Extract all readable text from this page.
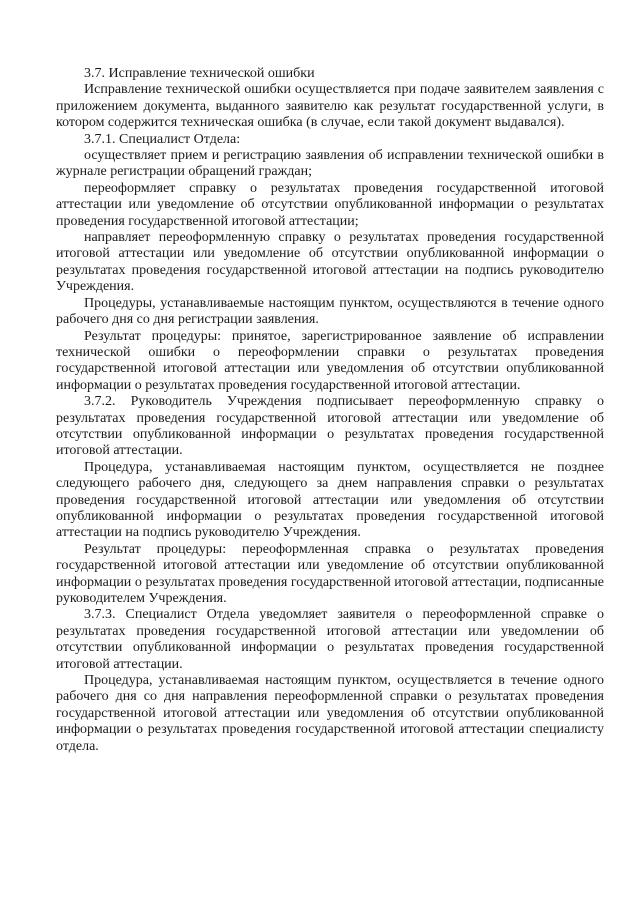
3.7. Исправление технической ошибки

Исправление технической ошибки осуществляется при подаче заявителем заявления с приложением документа, выданного заявителю как результат государственной услуги, в котором содержится техническая ошибка (в случае, если такой документ выдавался).

3.7.1. Специалист Отдела:

осуществляет прием и регистрацию заявления об исправлении технической ошибки в журнале регистрации обращений граждан;

переоформляет справку о результатах проведения государственной итоговой аттестации или уведомление об отсутствии опубликованной информации о результатах проведения государственной итоговой аттестации;

направляет переоформленную справку о результатах проведения государственной итоговой аттестации или уведомление об отсутствии опубликованной информации о результатах проведения государственной итоговой аттестации на подпись руководителю Учреждения.

Процедуры, устанавливаемые настоящим пунктом, осуществляются в течение одного рабочего дня со дня регистрации заявления.

Результат процедуры: принятое, зарегистрированное заявление об исправлении технической ошибки о переоформлении справки о результатах проведения государственной итоговой аттестации или уведомления об отсутствии опубликованной информации о результатах проведения государственной итоговой аттестации.

3.7.2. Руководитель Учреждения подписывает переоформленную справку о результатах проведения государственной итоговой аттестации или уведомление об отсутствии опубликованной информации о результатах проведения государственной итоговой аттестации.

Процедура, устанавливаемая настоящим пунктом, осуществляется не позднее следующего рабочего дня, следующего за днем направления справки о результатах проведения государственной итоговой аттестации или уведомления об отсутствии опубликованной информации о результатах проведения государственной итоговой аттестации на подпись руководителю Учреждения.

Результат процедуры: переоформленная справка о результатах проведения государственной итоговой аттестации или уведомление об отсутствии опубликованной информации о результатах проведения государственной итоговой аттестации, подписанные руководителем Учреждения.

3.7.3. Специалист Отдела уведомляет заявителя о переоформленной справке о результатах проведения государственной итоговой аттестации или уведомлении об отсутствии опубликованной информации о результатах проведения государственной итоговой аттестации.

Процедура, устанавливаемая настоящим пунктом, осуществляется в течение одного рабочего дня со дня направления переоформленной справки о результатах проведения государственной итоговой аттестации или уведомления об отсутствии опубликованной информации о результатах проведения государственной итоговой аттестации специалисту отдела.
